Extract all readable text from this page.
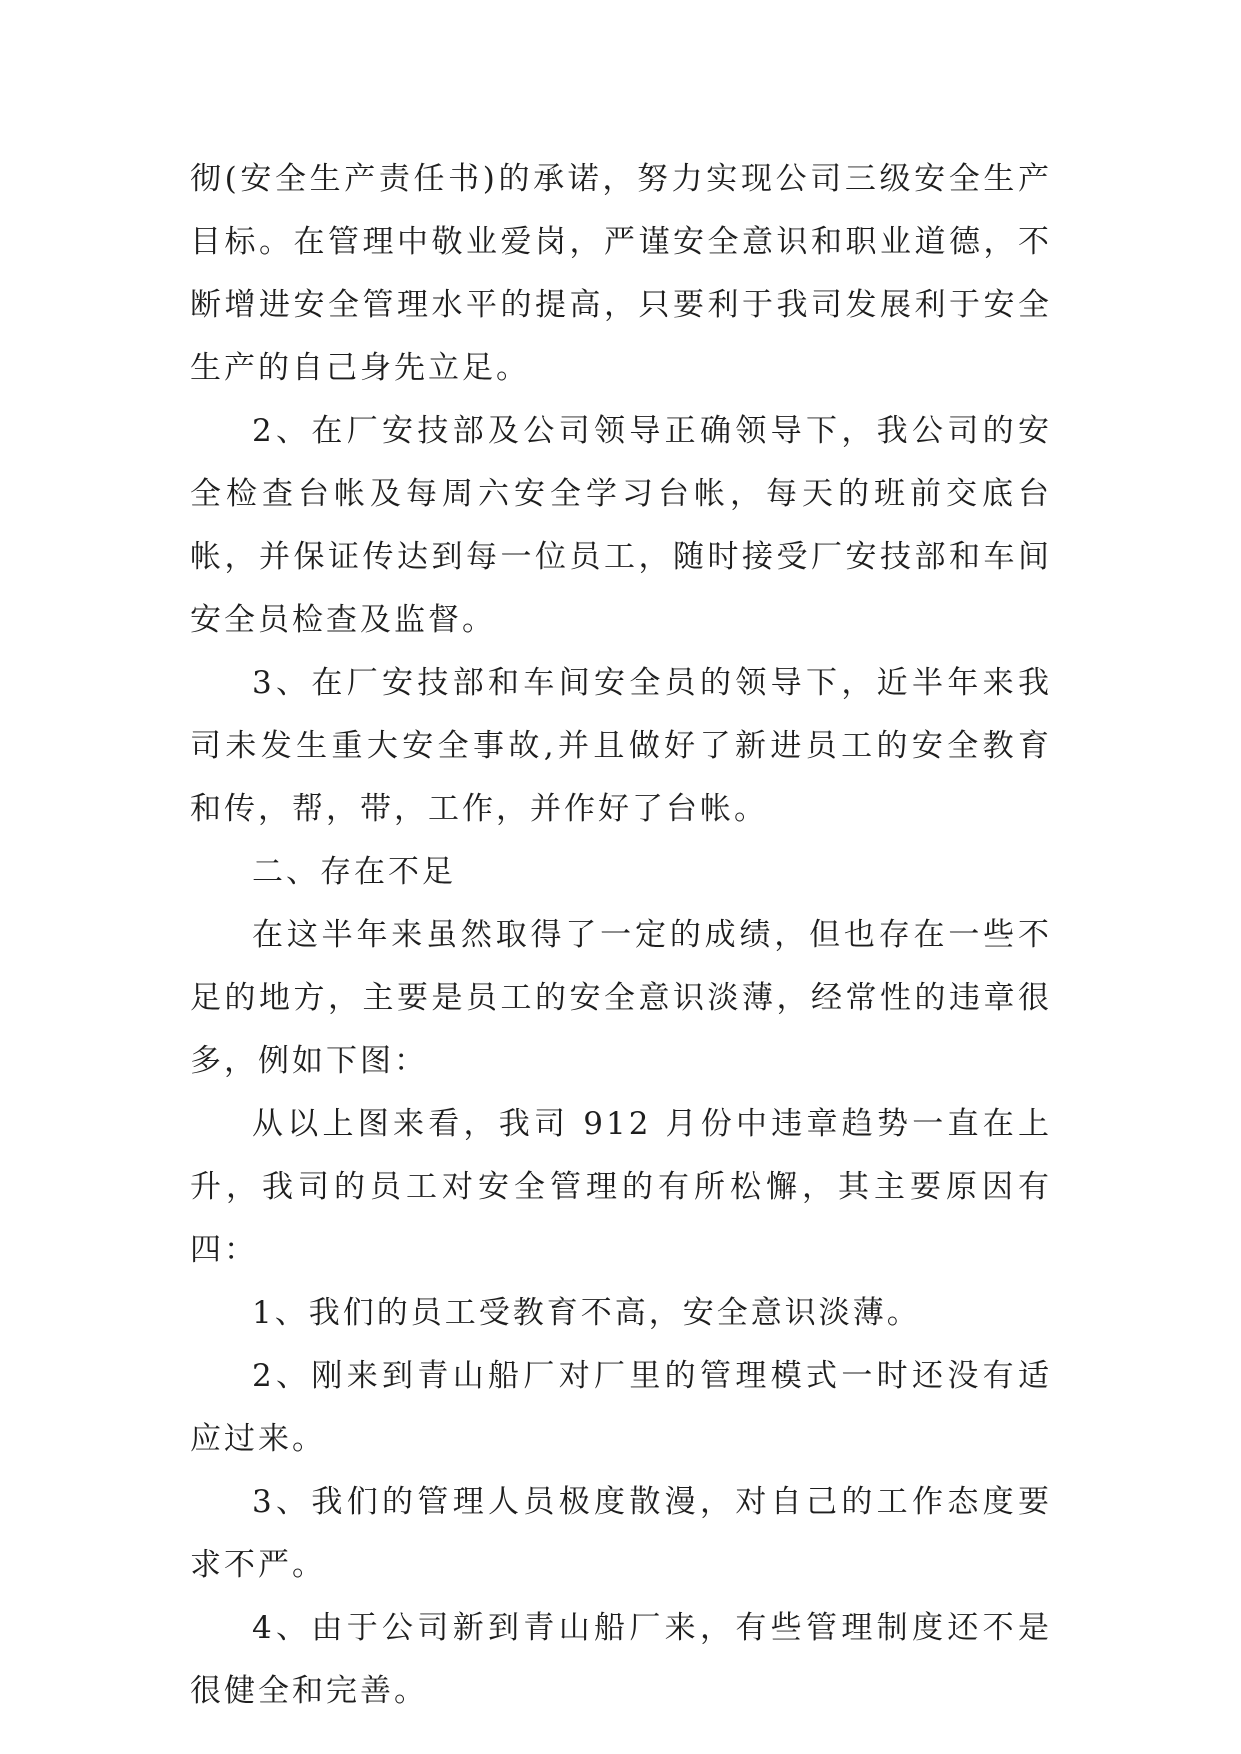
彻(安全生产责任书)的承诺，努力实现公司三级安全生产目标。在管理中敬业爱岗，严谨安全意识和职业道德，不断增进安全管理水平的提高，只要利于我司发展利于安全生产的自己身先立足。

2、在厂安技部及公司领导正确领导下，我公司的安全检查台帐及每周六安全学习台帐，每天的班前交底台帐，并保证传达到每一位员工，随时接受厂安技部和车间安全员检查及监督。

3、在厂安技部和车间安全员的领导下，近半年来我司未发生重大安全事故,并且做好了新进员工的安全教育和传，帮，带，工作，并作好了台帐。

二、存在不足

在这半年来虽然取得了一定的成绩，但也存在一些不足的地方，主要是员工的安全意识淡薄，经常性的违章很多，例如下图：

从以上图来看，我司 912 月份中违章趋势一直在上升，我司的员工对安全管理的有所松懈，其主要原因有四：

1、我们的员工受教育不高，安全意识淡薄。

2、刚来到青山船厂对厂里的管理模式一时还没有适应过来。

3、我们的管理人员极度散漫，对自己的工作态度要求不严。

4、由于公司新到青山船厂来，有些管理制度还不是很健全和完善。
